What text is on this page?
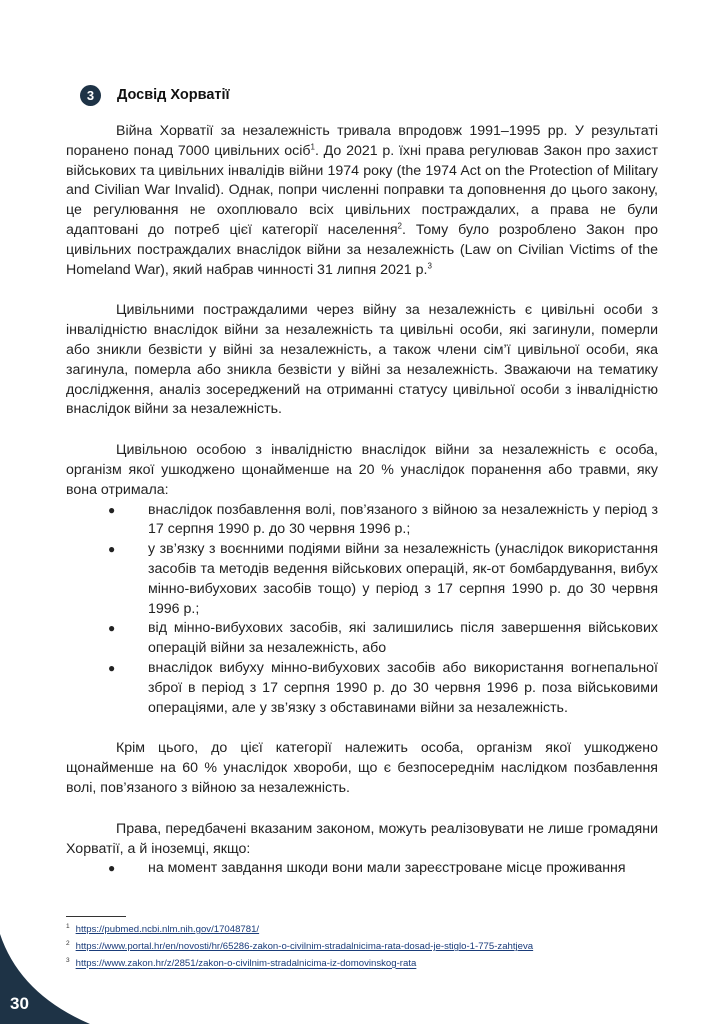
3	Досвід Хорватії

Війна Хорватії за незалежність тривала впродовж 1991–1995 рр. У результаті поранено понад 7000 цивільних осіб$^1$. До 2021 р. їхні права регулював Закон про захист військових та цивільних інвалідів війни 1974 року (the 1974 Act on the Protection of Military and Civilian War Invalid). Однак, попри численні поправки та доповнення до цього закону, це регулювання не охоплювало всіх цивільних постраждалих, а права не були адаптовані до потреб цієї категорії населення$^2$. Тому було розроблено Закон про цивільних постраждалих внаслідок війни за незалежність (Law on Civilian Victims of the Homeland War), який набрав чинності 31 липня 2021 р.$^3$

Цивільними постраждалими через війну за незалежність є цивільні особи з інвалідністю внаслідок війни за незалежність та цивільні особи, які загинули, померли або зникли безвісти у війні за незалежність, а також члени сім’ї цивільної особи, яка загинула, померла або зникла безвісти у війні за незалежність. Зважаючи на тематику дослідження, аналіз зосереджений на отриманні статусу цивільної особи з інвалідністю внаслідок війни за незалежність.

Цивільною особою з інвалідністю внаслідок війни за незалежність є особа, організм якої ушкоджено щонайменше на 20 % унаслідок поранення або травми, яку вона отримала:

● внаслідок позбавлення волі, пов’язаного з війною за незалежність у період з 17 серпня 1990 р. до 30 червня 1996 р.;
● у зв’язку з воєнними подіями війни за незалежність (унаслідок використання засобів та методів ведення військових операцій, як-от бомбардування, вибух мінно-вибухових засобів тощо) у період з 17 серпня 1990 р. до 30 червня 1996 р.;
● від мінно-вибухових засобів, які залишились після завершення військових операцій війни за незалежність, або
● внаслідок вибуху мінно-вибухових засобів або використання вогнепальної зброї в період з 17 серпня 1990 р. до 30 червня 1996 р. поза військовими операціями, але у зв’язку з обставинами війни за незалежність.

Крім цього, до цієї категорії належить особа, організм якої ушкоджено щонайменше на 60 % унаслідок хвороби, що є безпосереднім наслідком позбавлення волі, пов’язаного з війною за незалежність.

Права, передбачені вказаним законом, можуть реалізовувати не лише громадяни Хорватії, а й іноземці, якщо:

● на момент завдання шкоди вони мали зареєстроване місце проживання
$^1$ https://pubmed.ncbi.nlm.nih.gov/17048781/
$^2$ https://www.portal.hr/en/novosti/hr/65286-zakon-o-civilnim-stradalnicima-rata-dosad-je-stiglo-1-775-zahtjeva
$^3$ https://www.zakon.hr/z/2851/zakon-o-civilnim-stradalnicima-iz-domovinskog-rata
30
